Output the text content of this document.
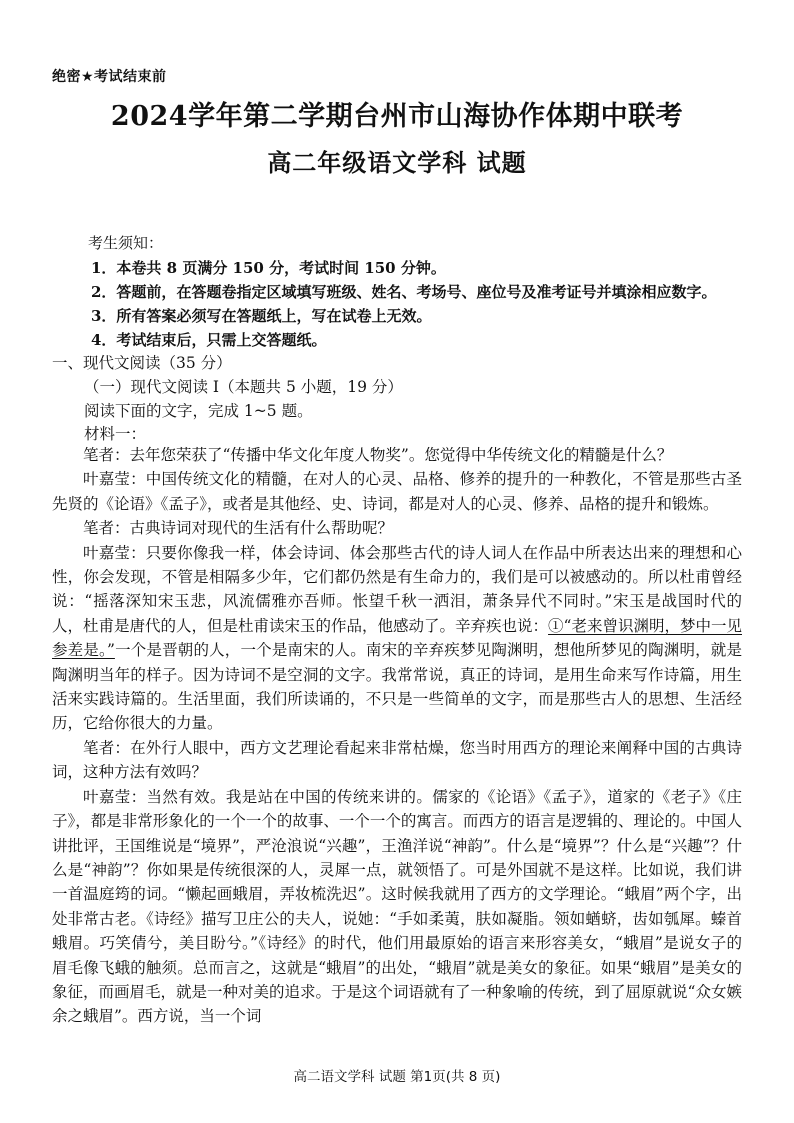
绝密★考试结束前
2024学年第二学期台州市山海协作体期中联考
高二年级语文学科 试题
考生须知：
1．本卷共 8 页满分 150 分，考试时间 150 分钟。
2．答题前，在答题卷指定区域填写班级、姓名、考场号、座位号及准考证号并填涂相应数字。
3．所有答案必须写在答题纸上，写在试卷上无效。
4．考试结束后，只需上交答题纸。
一、现代文阅读（35 分）
（一）现代文阅读 I（本题共 5 小题，19 分）
阅读下面的文字，完成 1~5 题。
材料一：

笔者：去年您荣获了“传播中华文化年度人物奖”。您觉得中华传统文化的精髓是什么？

叶嘉莹：中国传统文化的精髓，在对人的心灵、品格、修养的提升的一种教化，不管是那些古圣先贤的《论语》《孟子》，或者是其他经、史、诗词，都是对人的心灵、修养、品格的提升和锻炼。

笔者：古典诗词对现代的生活有什么帮助呢？

叶嘉莹：只要你像我一样，体会诗词、体会那些古代的诗人词人在作品中所表达出来的理想和心性，你会发现，不管是相隔多少年，它们都仍然是有生命力的，我们是可以被感动的。所以杜甫曾经说：“摇落深知宋玉悲，风流儒雅亦吾师。怅望千秋一洒泪，萧条异代不同时。”宋玉是战国时代的人，杜甫是唐代的人，但是杜甫读宋玉的作品，他感动了。辛弃疾也说：①“老来曾识渊明，梦中一见参差是。”一个是晋朝的人，一个是南宋的人。南宋的辛弃疾梦见陶渊明，想他所梦见的陶渊明，就是陶渊明当年的样子。因为诗词不是空洞的文字。我常常说，真正的诗词，是用生命来写作诗篇，用生活来实践诗篇的。生活里面，我们所读诵的，不只是一些简单的文字，而是那些古人的思想、生活经历，它给你很大的力量。

笔者：在外行人眼中，西方文艺理论看起来非常枯燥，您当时用西方的理论来阐释中国的古典诗词，这种方法有效吗？

叶嘉莹：当然有效。我是站在中国的传统来讲的。儒家的《论语》《孟子》，道家的《老子》《庄子》，都是非常形象化的一个一个的故事、一个一个的寓言。而西方的语言是逻辑的、理论的。中国人讲批评，王国维说是“境界”，严沧浪说“兴趣”，王渔洋说“神韵”。什么是“境界”？什么是“兴趣”？什么是“神韵”？你如果是传统很深的人，灵犀一点，就领悟了。可是外国就不是这样。比如说，我们讲一首温庭筠的词。“懒起画蛾眉，弄妆梳洗迟”。这时候我就用了西方的文学理论。“蛾眉”两个字，出处非常古老。《诗经》描写卫庄公的夫人，说她：“手如柔荑，肤如凝脂。领如蝤蛴，齿如瓠犀。螓首蛾眉。巧笑倩兮，美目盼兮。”《诗经》的时代，他们用最原始的语言来形容美女，“蛾眉”是说女子的眉毛像飞蛾的触须。总而言之，这就是“蛾眉”的出处，“蛾眉”就是美女的象征。如果“蛾眉”是美女的象征，而画眉毛，就是一种对美的追求。于是这个词语就有了一种象喻的传统，到了屈原就说“众女嫉余之蛾眉”。西方说，当一个词

高二语文学科 试题 第1页(共 8 页)
